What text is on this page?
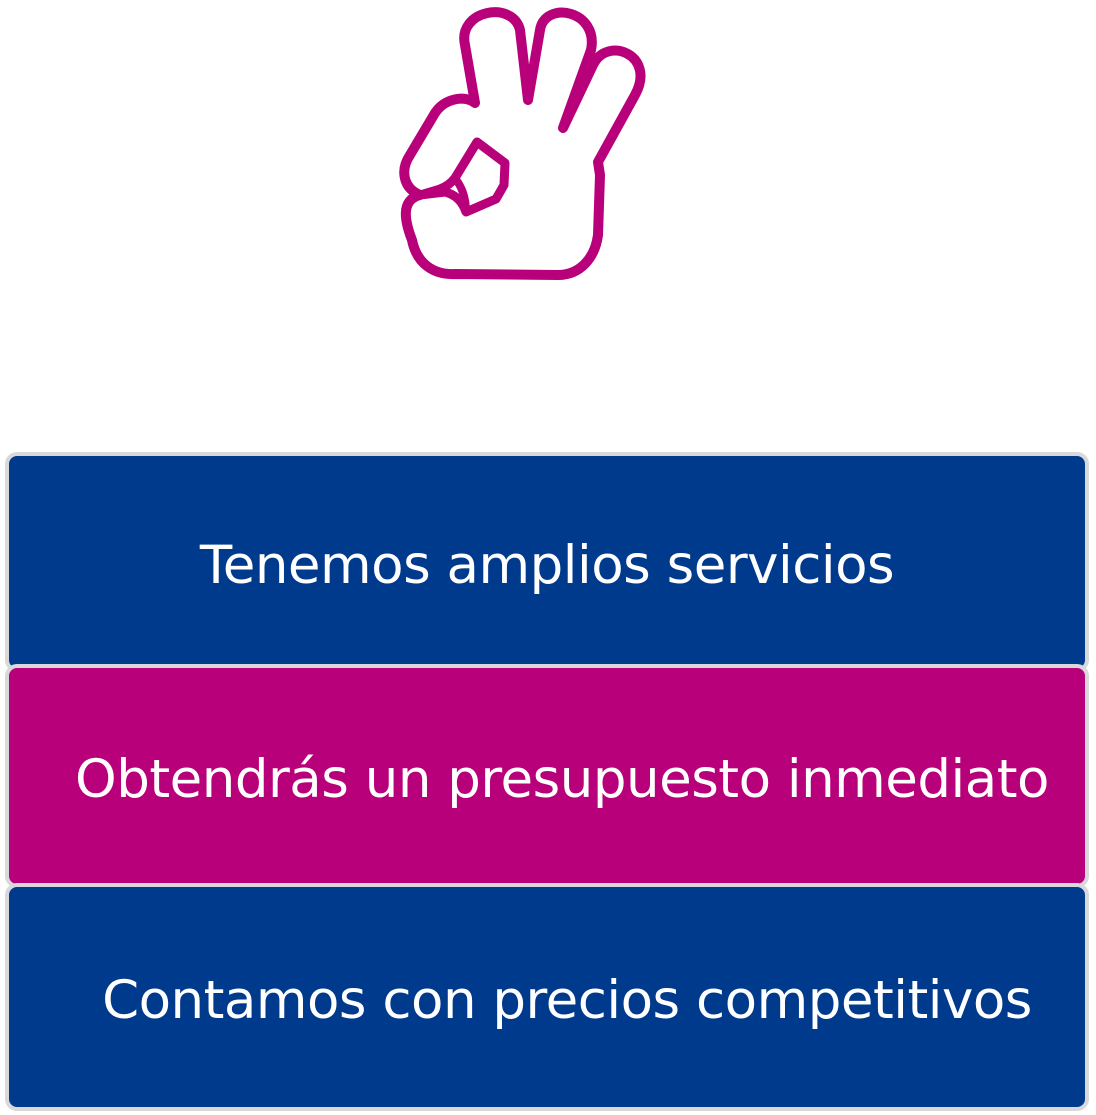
Tenemos amplios servicios
Obtendrás un presupuesto inmediato
Contamos con precios competitivos
